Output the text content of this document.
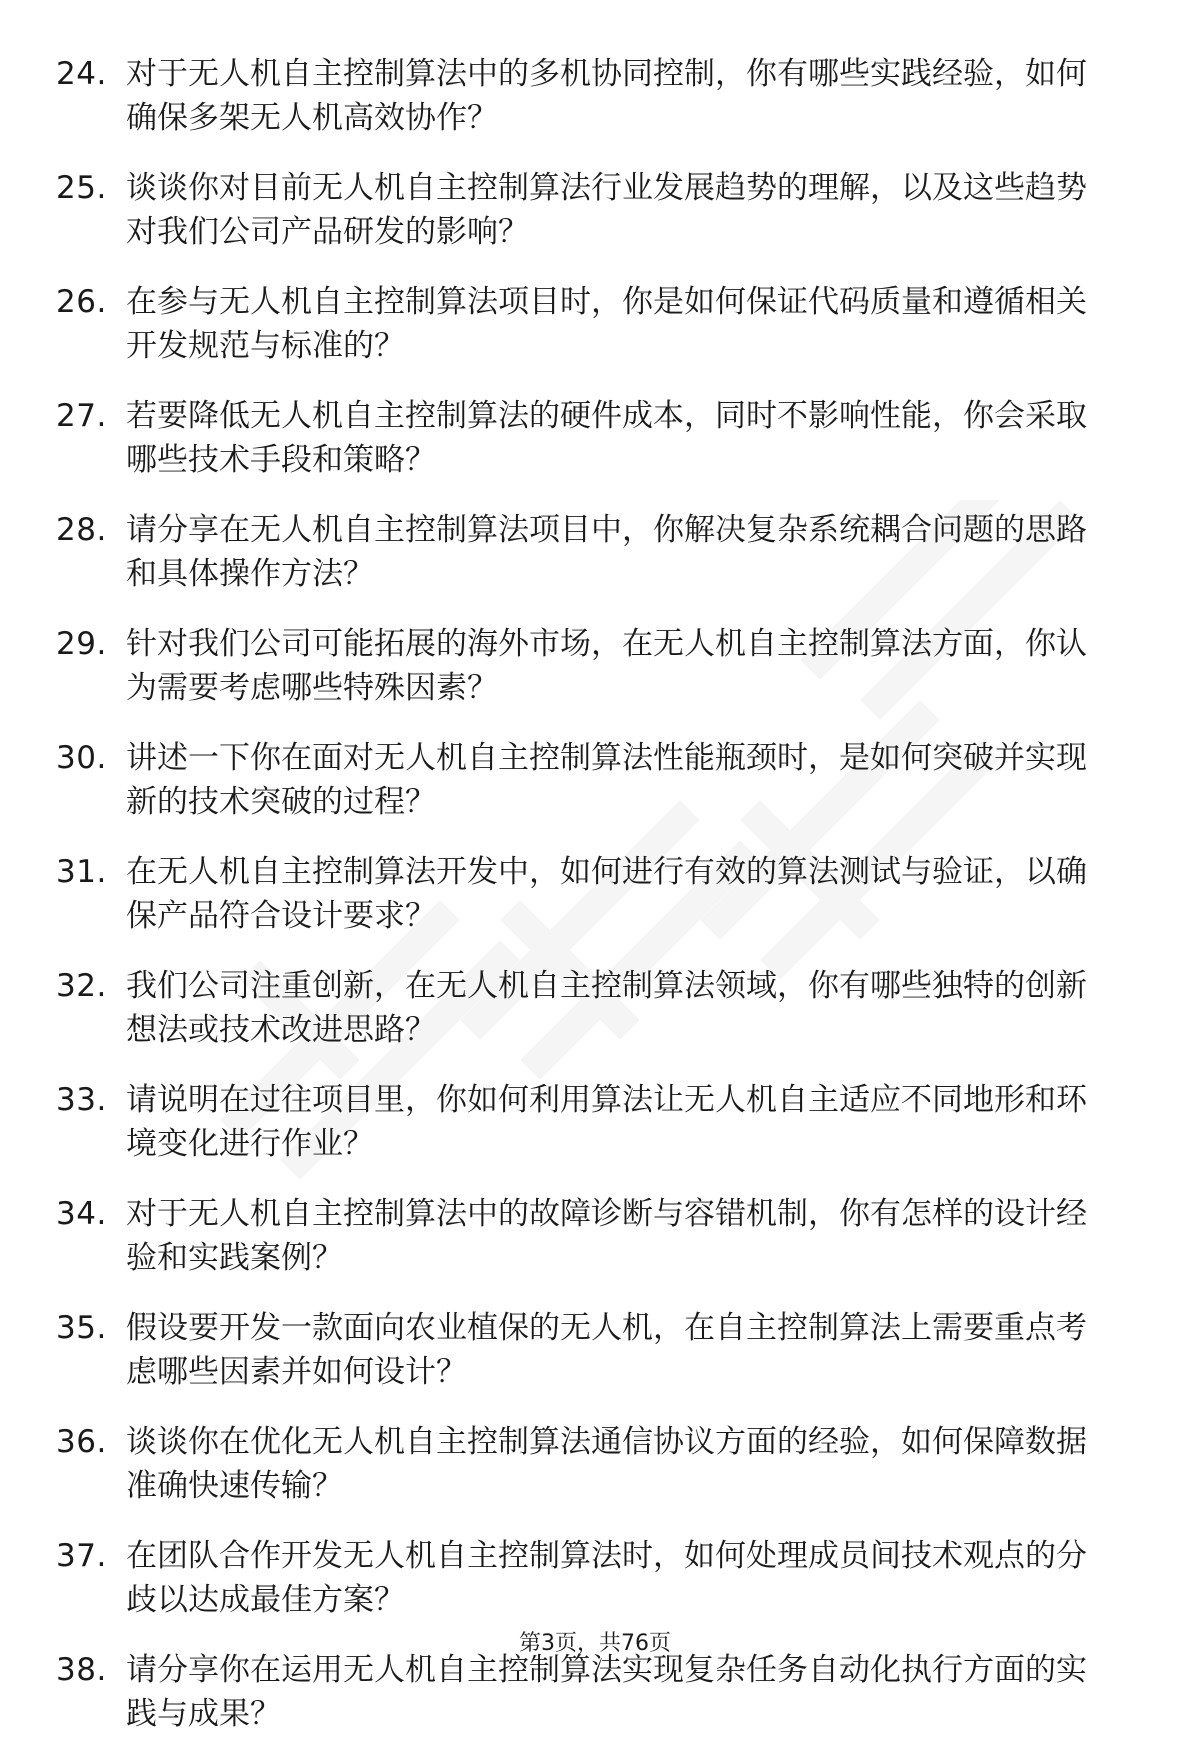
24. 对于无人机自主控制算法中的多机协同控制，你有哪些实践经验，如何确保多架无人机高效协作？
25. 谈谈你对目前无人机自主控制算法行业发展趋势的理解，以及这些趋势对我们公司产品研发的影响？
26. 在参与无人机自主控制算法项目时，你是如何保证代码质量和遵循相关开发规范与标准的？
27. 若要降低无人机自主控制算法的硬件成本，同时不影响性能，你会采取哪些技术手段和策略？
28. 请分享在无人机自主控制算法项目中，你解决复杂系统耦合问题的思路和具体操作方法？
29. 针对我们公司可能拓展的海外市场，在无人机自主控制算法方面，你认为需要考虑哪些特殊因素？
30. 讲述一下你在面对无人机自主控制算法性能瓶颈时，是如何突破并实现新的技术突破的过程？
31. 在无人机自主控制算法开发中，如何进行有效的算法测试与验证，以确保产品符合设计要求？
32. 我们公司注重创新，在无人机自主控制算法领域，你有哪些独特的创新想法或技术改进思路？
33. 请说明在过往项目里，你如何利用算法让无人机自主适应不同地形和环境变化进行作业？
34. 对于无人机自主控制算法中的故障诊断与容错机制，你有怎样的设计经验和实践案例？
35. 假设要开发一款面向农业植保的无人机，在自主控制算法上需要重点考虑哪些因素并如何设计？
36. 谈谈你在优化无人机自主控制算法通信协议方面的经验，如何保障数据准确快速传输？
37. 在团队合作开发无人机自主控制算法时，如何处理成员间技术观点的分歧以达成最佳方案？
38. 请分享你在运用无人机自主控制算法实现复杂任务自动化执行方面的实践与成果？
第3页，共76页
